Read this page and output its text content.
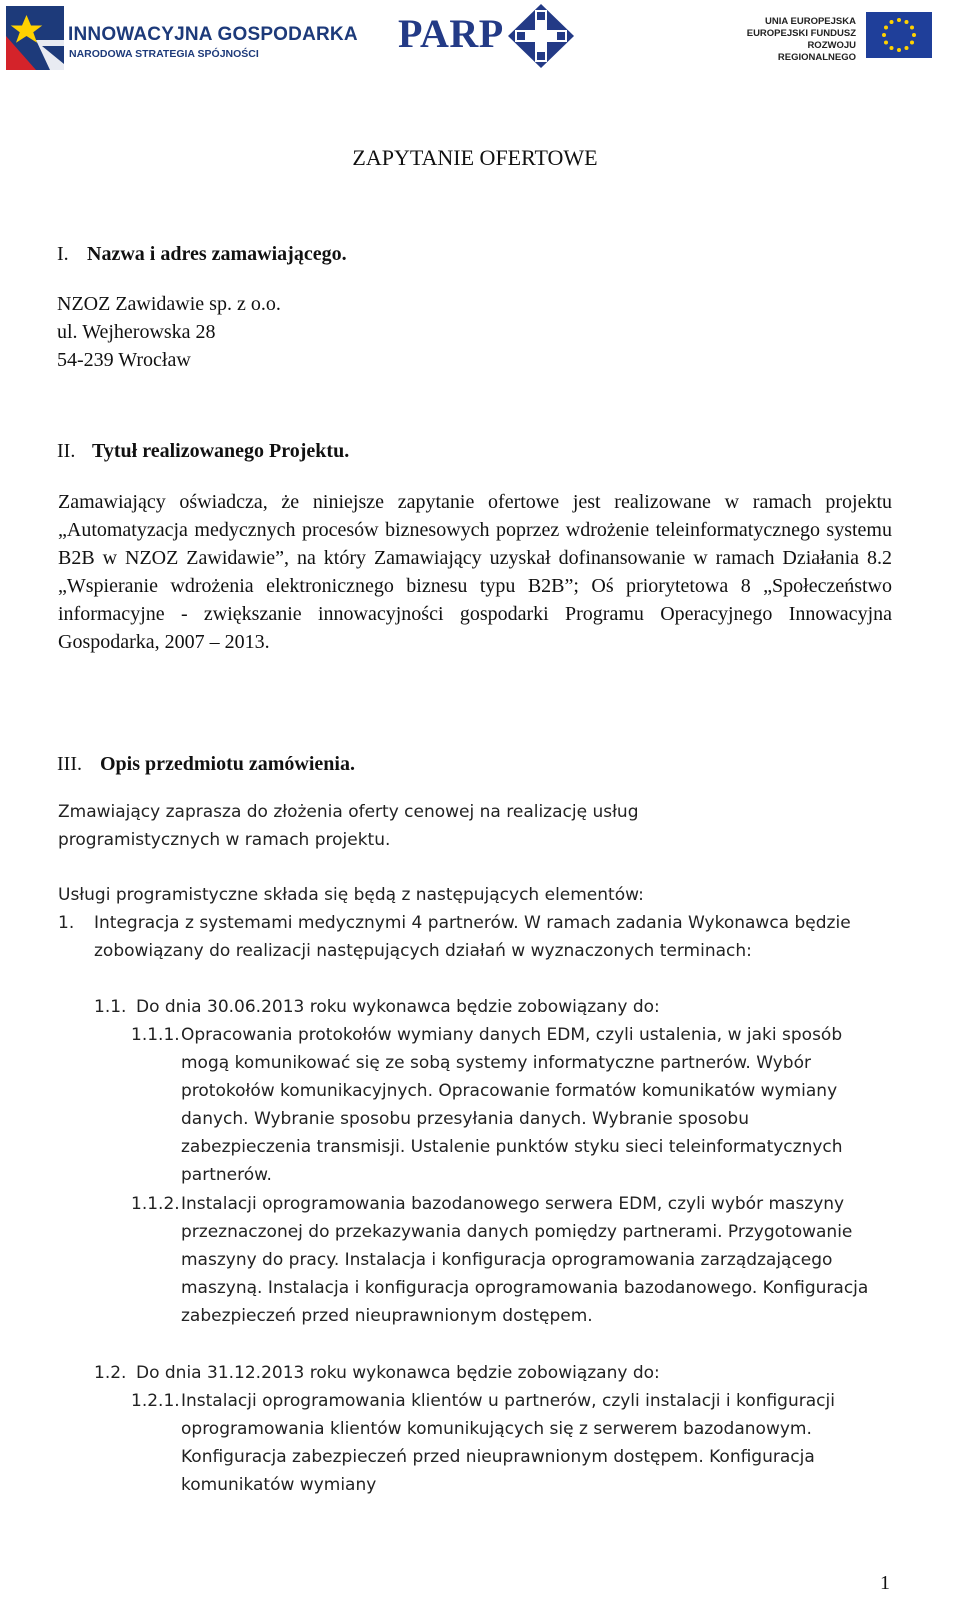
INNOWACYJNA GOSPODARKA
NARODOWA STRATEGIA SPÓJNOŚCI	PARP	UNIA EUROPEJSKA
EUROPEJSKI FUNDUSZ
ROZWOJU REGIONALNEGO
ZAPYTANIE OFERTOWE
I. Nazwa i adres zamawiającego.
NZOZ Zawidawie sp. z o.o.
ul. Wejherowska 28
54-239 Wrocław
II. Tytuł realizowanego Projektu.

Zamawiający oświadcza, że niniejsze zapytanie ofertowe jest realizowane w ramach projektu „Automatyzacja medycznych procesów biznesowych poprzez wdrożenie teleinformatycznego systemu B2B w NZOZ Zawidawie”, na który Zamawiający uzyskał dofinansowanie w ramach Działania 8.2 „Wspieranie wdrożenia elektronicznego biznesu typu B2B”; Oś priorytetowa 8 „Społeczeństwo informacyjne - zwiększanie innowacyjności gospodarki Programu Operacyjnego Innowacyjna Gospodarka, 2007 – 2013.

III. Opis przedmiotu zamówienia.
Zmawiający zaprasza do złożenia oferty cenowej na realizację usług
programistycznych w ramach projektu.
Usługi programistyczne składa się będą z następujących elementów:
1.	Integracja z systemami medycznymi 4 partnerów. W ramach zadania Wykonawca będzie zobowiązany do realizacji następujących działań w wyznaczonych terminach:

1.1. Do dnia 30.06.2013 roku wykonawca będzie zobowiązany do:

1.1.1. Opracowania protokołów wymiany danych EDM, czyli ustalenia, w jaki sposób mogą komunikować się ze sobą systemy informatyczne partnerów. Wybór protokołów komunikacyjnych. Opracowanie formatów komunikatów wymiany danych. Wybranie sposobu przesyłania danych. Wybranie sposobu zabezpieczenia transmisji. Ustalenie punktów styku sieci teleinformatycznych partnerów.

1.1.2. Instalacji oprogramowania bazodanowego serwera EDM, czyli wybór maszyny przeznaczonej do przekazywania danych pomiędzy partnerami. Przygotowanie maszyny do pracy. Instalacja i konfiguracja oprogramowania zarządzającego maszyną. Instalacja i konfiguracja oprogramowania bazodanowego. Konfiguracja zabezpieczeń przed nieuprawnionym dostępem.

1.2. Do dnia 31.12.2013 roku wykonawca będzie zobowiązany do:

1.2.1. Instalacji oprogramowania klientów u partnerów, czyli instalacji i konfiguracji oprogramowania klientów komunikujących się z serwerem bazodanowym. Konfiguracja zabezpieczeń przed nieuprawnionym dostępem. Konfiguracja komunikatów wymiany

1
